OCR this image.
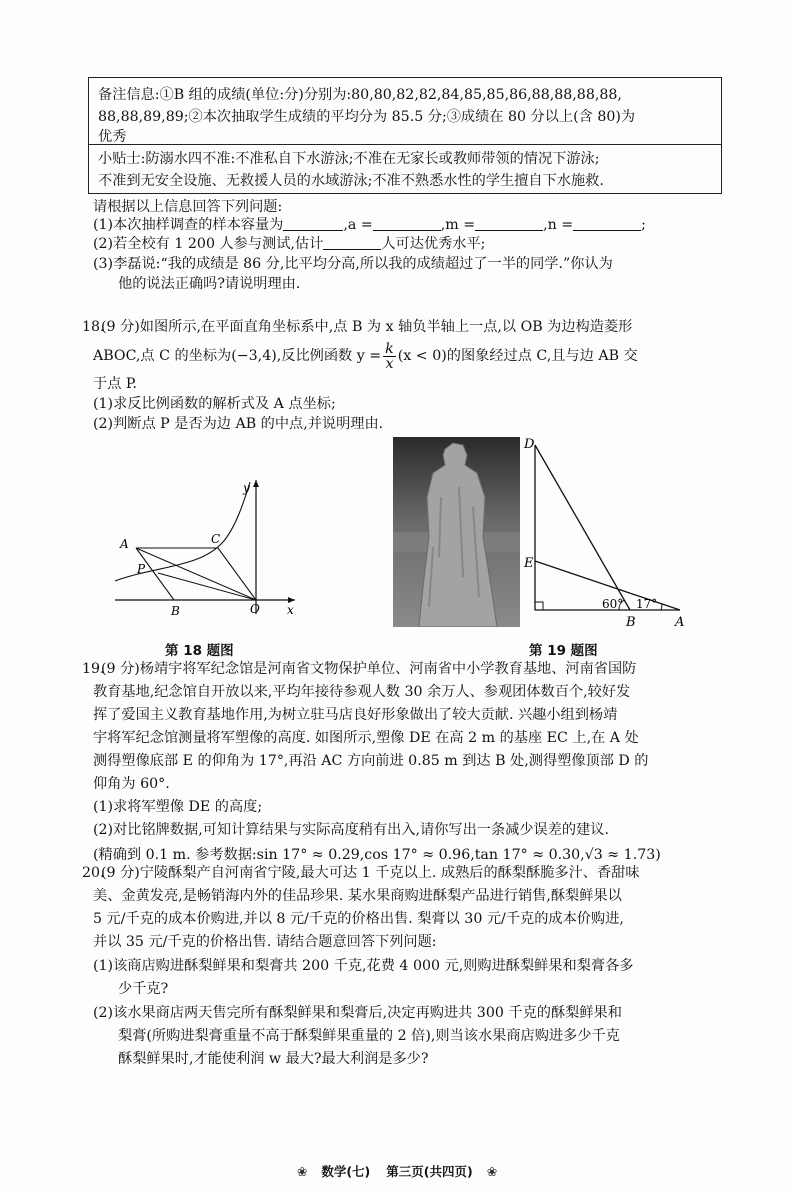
备注信息:①B 组的成绩(单位:分)分别为:80,80,82,82,84,85,85,86,88,88,88,88,
88,88,89,89;②本次抽取学生成绩的平均分为 85.5 分;③成绩在 80 分以上(含 80)为
优秀
小贴士:防溺水四不准:不准私自下水游泳;不准在无家长或教师带领的情况下游泳;
不准到无安全设施、无救援人员的水域游泳;不准不熟悉水性的学生擅自下水施救.
请根据以上信息回答下列问题:
(1)本次抽样调查的样本容量为	,a =	,m =	,n =	;
(2)若全校有 1 200 人参与测试,估计	人可达优秀水平;
(3)李磊说:“我的成绩是 86 分,比平均分高,所以我的成绩超过了一半的同学.”你认为
他的说法正确吗?请说明理由.
18.
(9 分)如图所示,在平面直角坐标系中,点 B 为 x 轴负半轴上一点,以 OB 为边构造菱形
ABOC,点 C 的坐标为(−3,4),反比例函数 $y = \frac{k}{x} (x < 0)$的图象经过点 C,且与边 AB 交
于点 P.
(1)求反比例函数的解析式及 A 点坐标;
(2)判断点 P 是否为边 AB 的中点,并说明理由.
y
x
O
A
B
C
P
第 18 题图
D
E
B	A
60° 17°
第 19 题图
19.
(9 分)杨靖宇将军纪念馆是河南省文物保护单位、河南省中小学教育基地、河南省国防
教育基地,纪念馆自开放以来,平均年接待参观人数 30 余万人、参观团体数百个,较好发
挥了爱国主义教育基地作用,为树立驻马店良好形象做出了较大贡献. 兴趣小组到杨靖
宇将军纪念馆测量将军塑像的高度. 如图所示,塑像 DE 在高 2 m 的基座 EC 上,在 A 处
测得塑像底部 E 的仰角为 17°,再沿 AC 方向前进 0.85 m 到达 B 处,测得塑像顶部 D 的
仰角为 60°.
(1)求将军塑像 DE 的高度;
(2)对比铭牌数据,可知计算结果与实际高度稍有出入,请你写出一条减少误差的建议.
(精确到 0.1 m. 参考数据:sin 17° ≈ 0.29,cos 17° ≈ 0.96,tan 17° ≈ 0.30,√3 ≈ 1.73)
20.
(9 分)宁陵酥梨产自河南省宁陵,最大可达 1 千克以上. 成熟后的酥梨酥脆多汁、香甜味
美、金黄发亮,是畅销海内外的佳品珍果. 某水果商购进酥梨产品进行销售,酥梨鲜果以
5 元/千克的成本价购进,并以 8 元/千克的价格出售. 梨膏以 30 元/千克的成本价购进,
并以 35 元/千克的价格出售. 请结合题意回答下列问题:
(1)该商店购进酥梨鲜果和梨膏共 200 千克,花费 4 000 元,则购进酥梨鲜果和梨膏各多
少千克?
(2)该水果商店两天售完所有酥梨鲜果和梨膏后,决定再购进共 300 千克的酥梨鲜果和
梨膏(所购进梨膏重量不高于酥梨鲜果重量的 2 倍),则当该水果商店购进多少千克
酥梨鲜果时,才能使利润 w 最大?最大利润是多少?
❀ 数学(七) 第三页(共四页) ❀
